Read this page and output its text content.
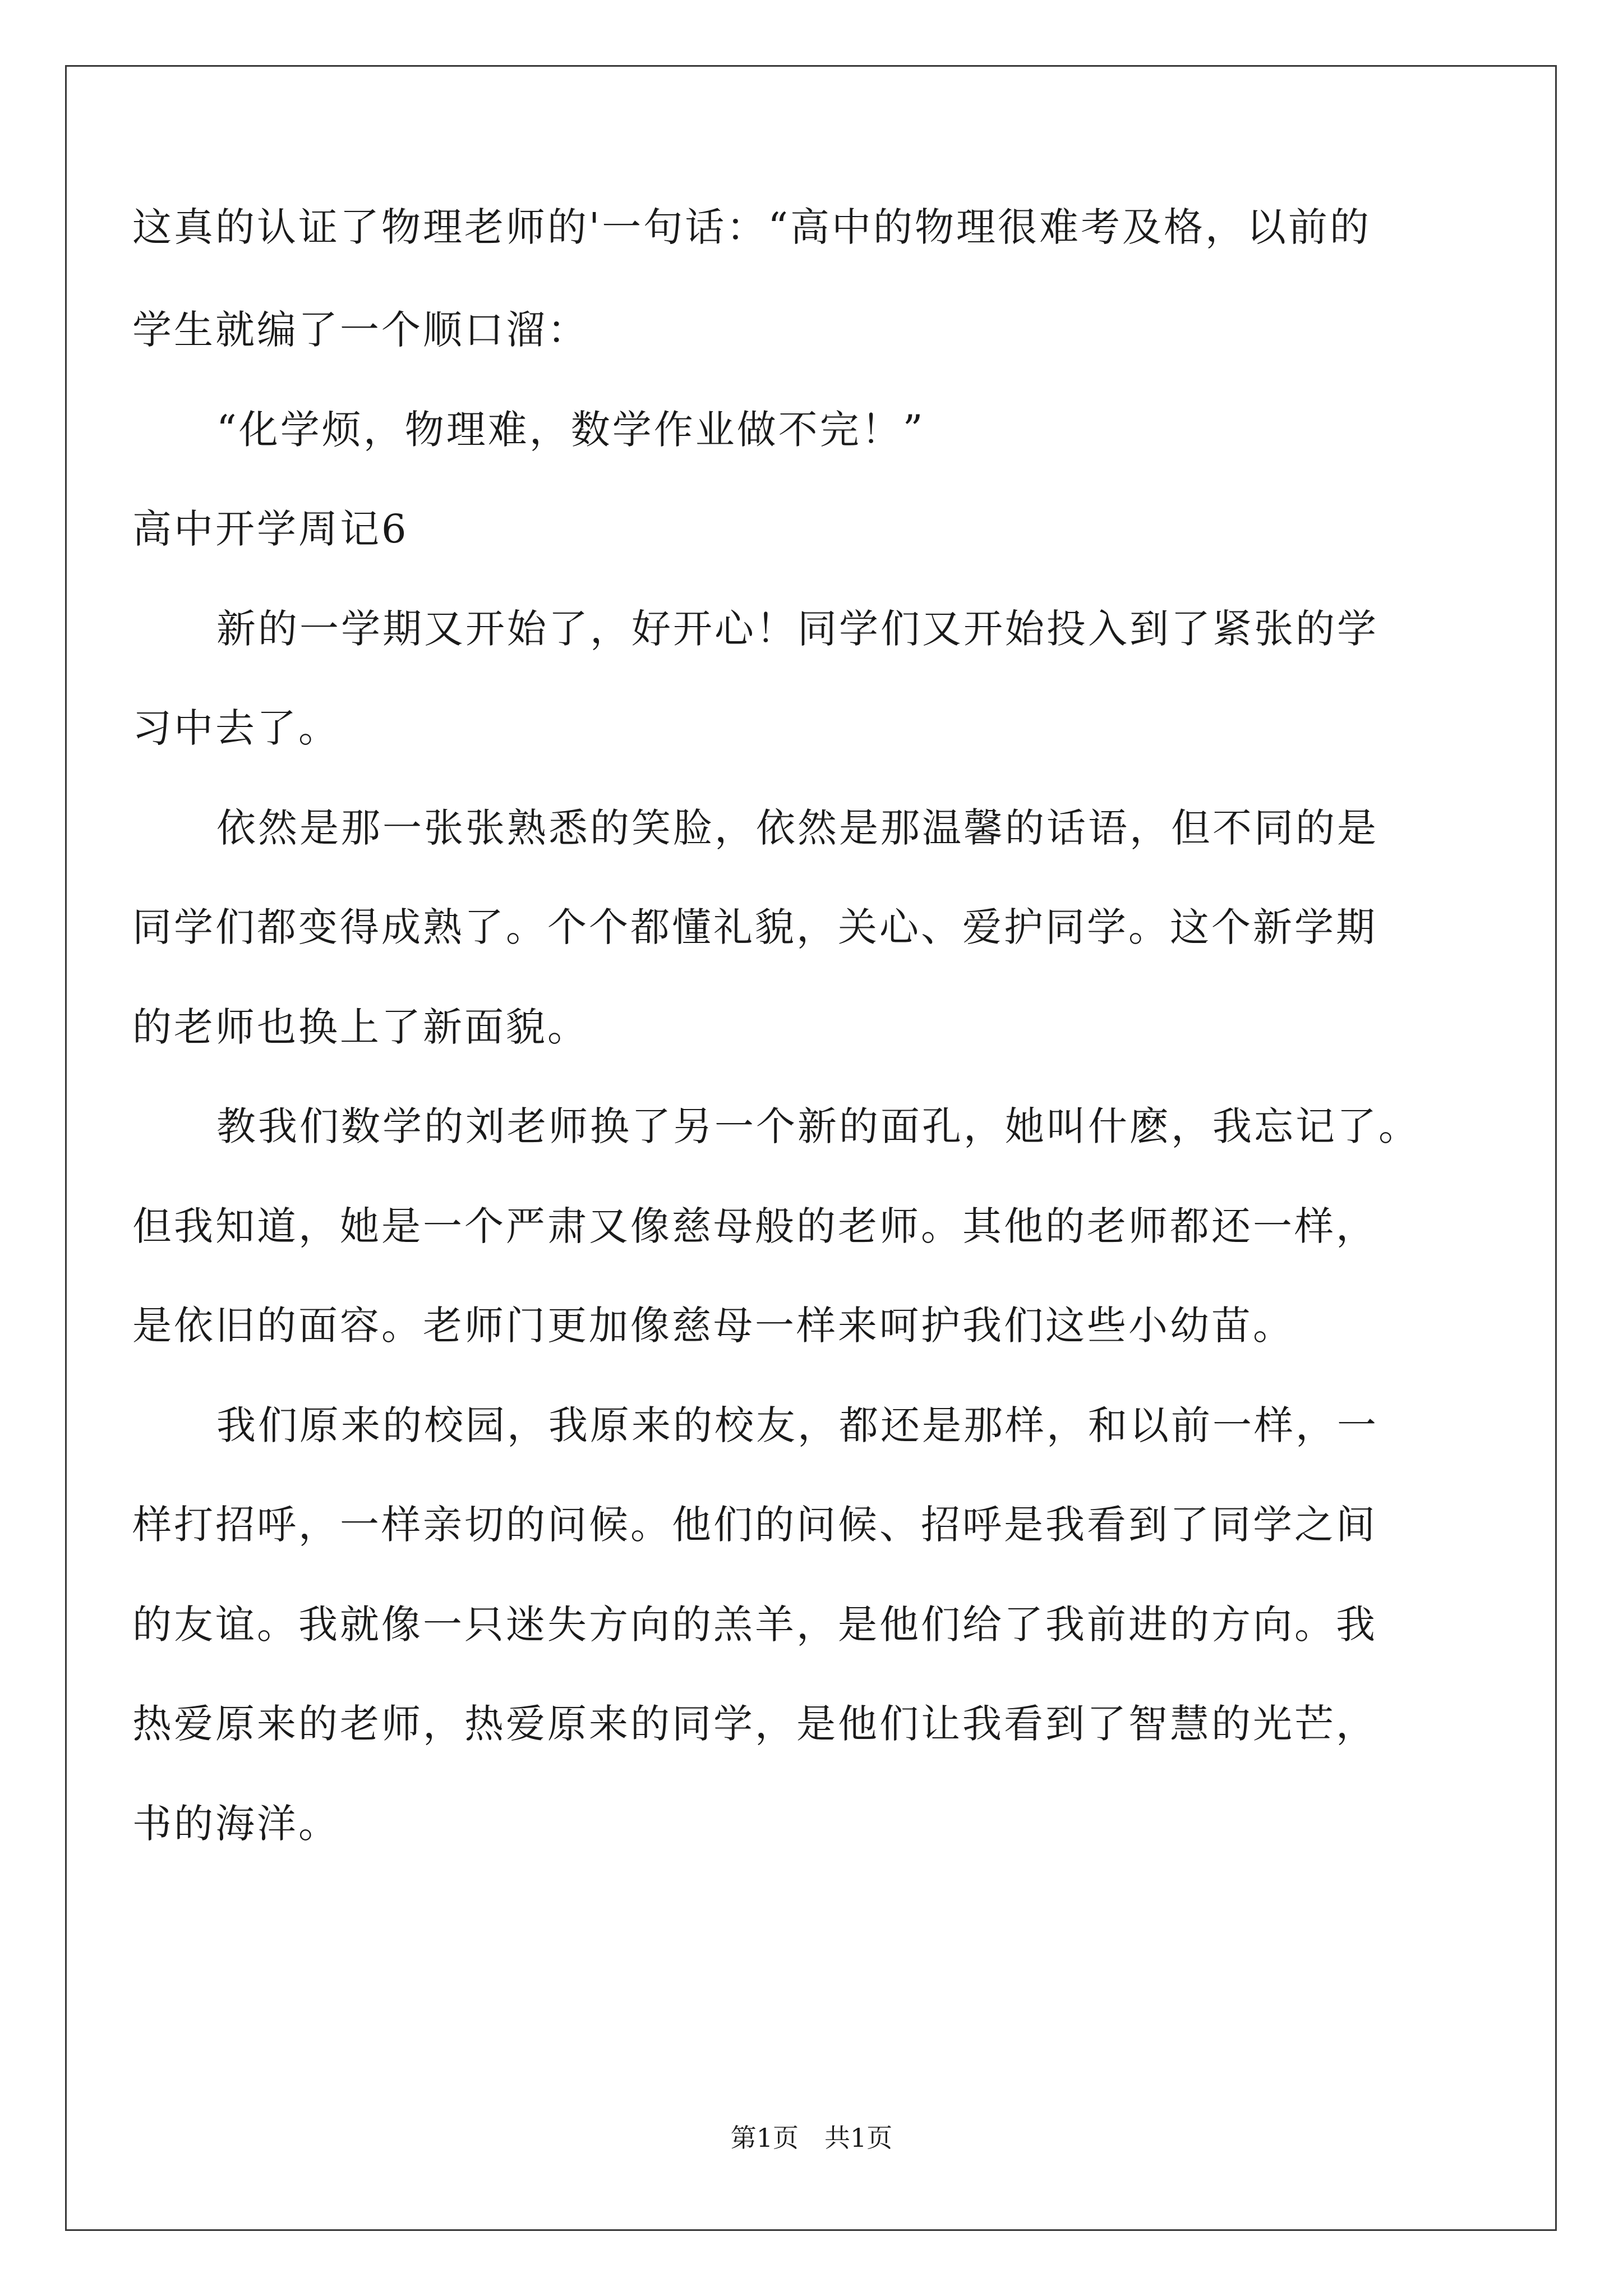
这真的认证了物理老师的'一句话：“高中的物理很难考及格，以前的
学生就编了一个顺口溜：
“化学烦，物理难，数学作业做不完！”
高中开学周记6
新的一学期又开始了，好开心！同学们又开始投入到了紧张的学
习中去了。
依然是那一张张熟悉的笑脸，依然是那温馨的话语，但不同的是
同学们都变得成熟了。个个都懂礼貌，关心、爱护同学。这个新学期
的老师也换上了新面貌。
教我们数学的刘老师换了另一个新的面孔，她叫什麽，我忘记了。
但我知道，她是一个严肃又像慈母般的老师。其他的老师都还一样，
是依旧的面容。老师门更加像慈母一样来呵护我们这些小幼苗。
我们原来的校园，我原来的校友，都还是那样，和以前一样，一
样打招呼，一样亲切的问候。他们的问候、招呼是我看到了同学之间
的友谊。我就像一只迷失方向的羔羊，是他们给了我前进的方向。我
热爱原来的老师，热爱原来的同学，是他们让我看到了智慧的光芒，
书的海洋。
第1页　共1页
